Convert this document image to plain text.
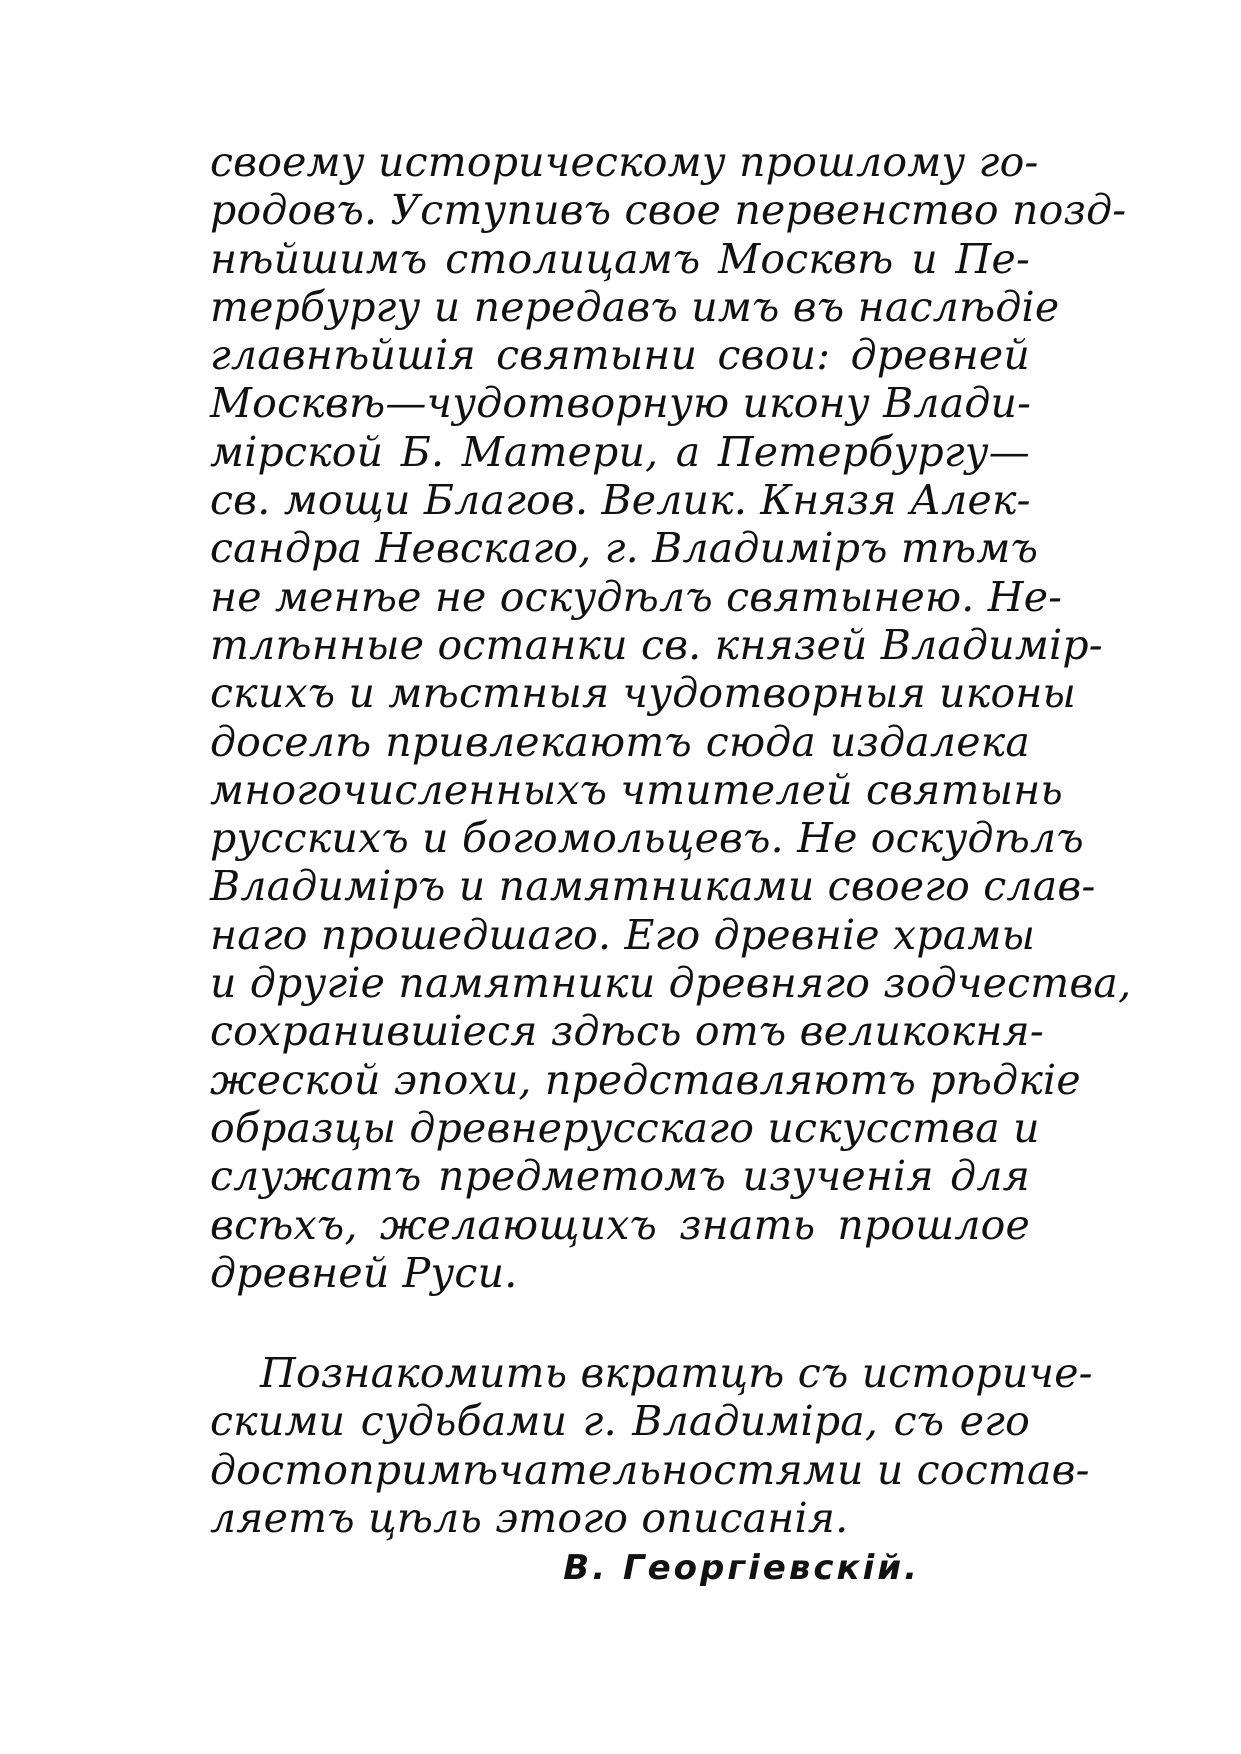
своему историческому прошлому го-
родовъ. Уступивъ свое первенство позд-
нѣйшимъ столицамъ Москвѣ и Пе-
тербургу и передавъ имъ въ наслѣдіе
главнѣйшія святыни свои: древней
Москвѣ—чудотворную икону Влади-
мірской Б. Матери, а Петербургу—
св. мощи Благов. Велик. Князя Алек-
сандра Невскаго, г. Владиміръ тѣмъ
не менѣе не оскудѣлъ святынею. Не-
тлѣнные останки св. князей Владимір-
скихъ и мѣстныя чудотворныя иконы
доселѣ привлекаютъ сюда издалека
многочисленныхъ чтителей святынь
русскихъ и богомольцевъ. Не оскудѣлъ
Владиміръ и памятниками своего слав-
наго прошедшаго. Его древніе храмы
и другіе памятники древняго зодчества,
сохранившіеся здѣсь отъ великокня-
жеской эпохи, представляютъ рѣдкіе
образцы древнерусскаго искусства и
служатъ предметомъ изученія для
всѣхъ, желающихъ знать прошлое
древней Руси.
Познакомить вкратцѣ съ историче-
скими судьбами г. Владиміра, съ его
достопримѣчательностями и состав-
ляетъ цѣль этого описанія.
В. Георгіевскій.
